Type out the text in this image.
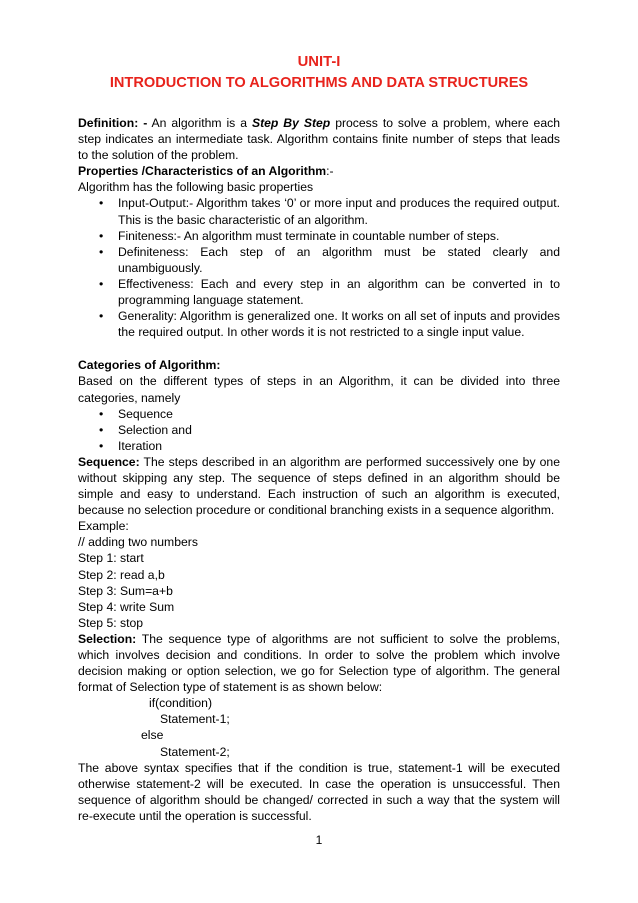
UNIT-I
INTRODUCTION TO ALGORITHMS AND DATA STRUCTURES

Definition: - An algorithm is a Step By Step process to solve a problem, where each step indicates an intermediate task. Algorithm contains finite number of steps that leads to the solution of the problem.

Properties /Characteristics of an Algorithm:-

Algorithm has the following basic properties

• Input-Output:- Algorithm takes ‘0’ or more input and produces the required output. This is the basic characteristic of an algorithm.
• Finiteness:- An algorithm must terminate in countable number of steps.
• Definiteness: Each step of an algorithm must be stated clearly and unambiguously.
• Effectiveness: Each and every step in an algorithm can be converted in to programming language statement.
• Generality: Algorithm is generalized one. It works on all set of inputs and provides the required output. In other words it is not restricted to a single input value.

Categories of Algorithm:

Based on the different types of steps in an Algorithm, it can be divided into three categories, namely

• Sequence
• Selection and
• Iteration

Sequence: The steps described in an algorithm are performed successively one by one without skipping any step. The sequence of steps defined in an algorithm should be simple and easy to understand. Each instruction of such an algorithm is executed, because no selection procedure or conditional branching exists in a sequence algorithm.

Example:

// adding two numbers

Step 1: start

Step 2: read a,b

Step 3: Sum=a+b

Step 4: write Sum

Step 5: stop

Selection: The sequence type of algorithms are not sufficient to solve the problems, which involves decision and conditions. In order to solve the problem which involve decision making or option selection, we go for Selection type of algorithm. The general format of Selection type of statement is as shown below:

if(condition)

Statement-1;

else

Statement-2;

The above syntax specifies that if the condition is true, statement-1 will be executed otherwise statement-2 will be executed. In case the operation is unsuccessful. Then sequence of algorithm should be changed/ corrected in such a way that the system will re-execute until the operation is successful.

1
